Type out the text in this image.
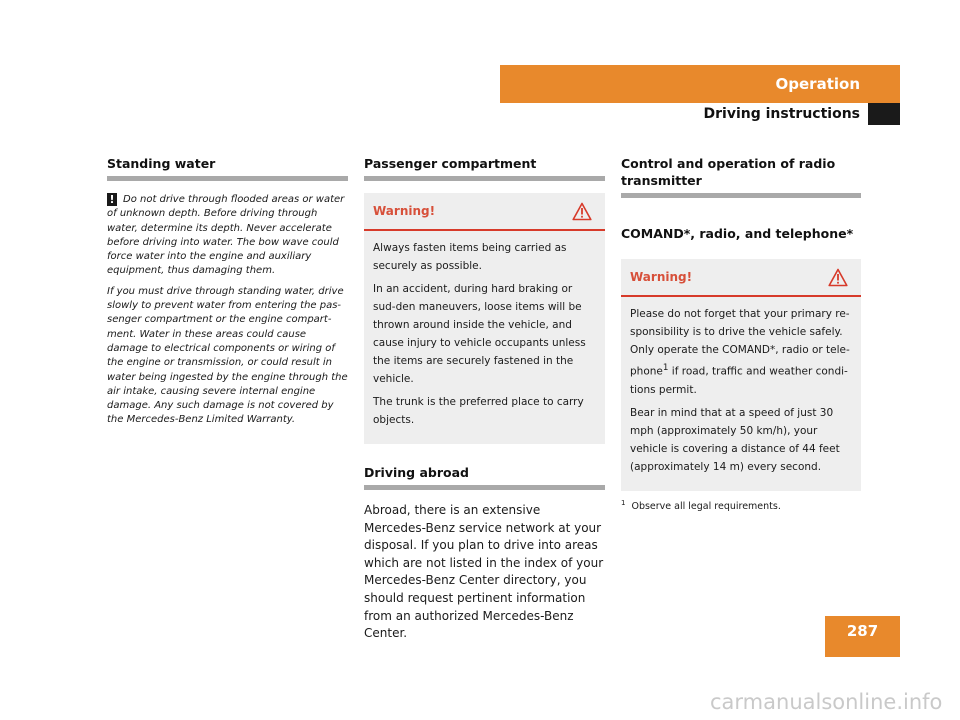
Operation
Driving instructions
Standing water

! Do not drive through flooded areas or water of unknown depth. Before driving through water, determine its depth. Never accelerate before driving into water. The bow wave could force water into the engine and auxiliary equipment, thus damaging them.

If you must drive through standing water, drive slowly to prevent water from entering the pas-senger compartment or the engine compart-ment. Water in these areas could cause damage to electrical components or wiring of the engine or transmission, or could result in water being ingested by the engine through the air intake, causing severe internal engine damage. Any such damage is not covered by the Mercedes-Benz Limited Warranty.

Passenger compartment
Warning!

Always fasten items being carried as securely as possible.

In an accident, during hard braking or sud-den maneuvers, loose items will be thrown around inside the vehicle, and cause injury to vehicle occupants unless the items are securely fastened in the vehicle.

The trunk is the preferred place to carry objects.

Driving abroad

Abroad, there is an extensive Mercedes-Benz service network at your disposal. If you plan to drive into areas which are not listed in the index of your Mercedes-Benz Center directory, you should request pertinent information from an authorized Mercedes-Benz Center.

Control and operation of radio transmitter
COMAND*, radio, and telephone*
Warning!

Please do not forget that your primary re-sponsibility is to drive the vehicle safely. Only operate the COMAND*, radio or tele-phone$^1$ if road, traffic and weather condi-tions permit.

Bear in mind that at a speed of just 30 mph (approximately 50 km/h), your vehicle is covering a distance of 44 feet (approximately 14 m) every second.

$^1$ Observe all legal requirements.
287
carmanualsonline.info
